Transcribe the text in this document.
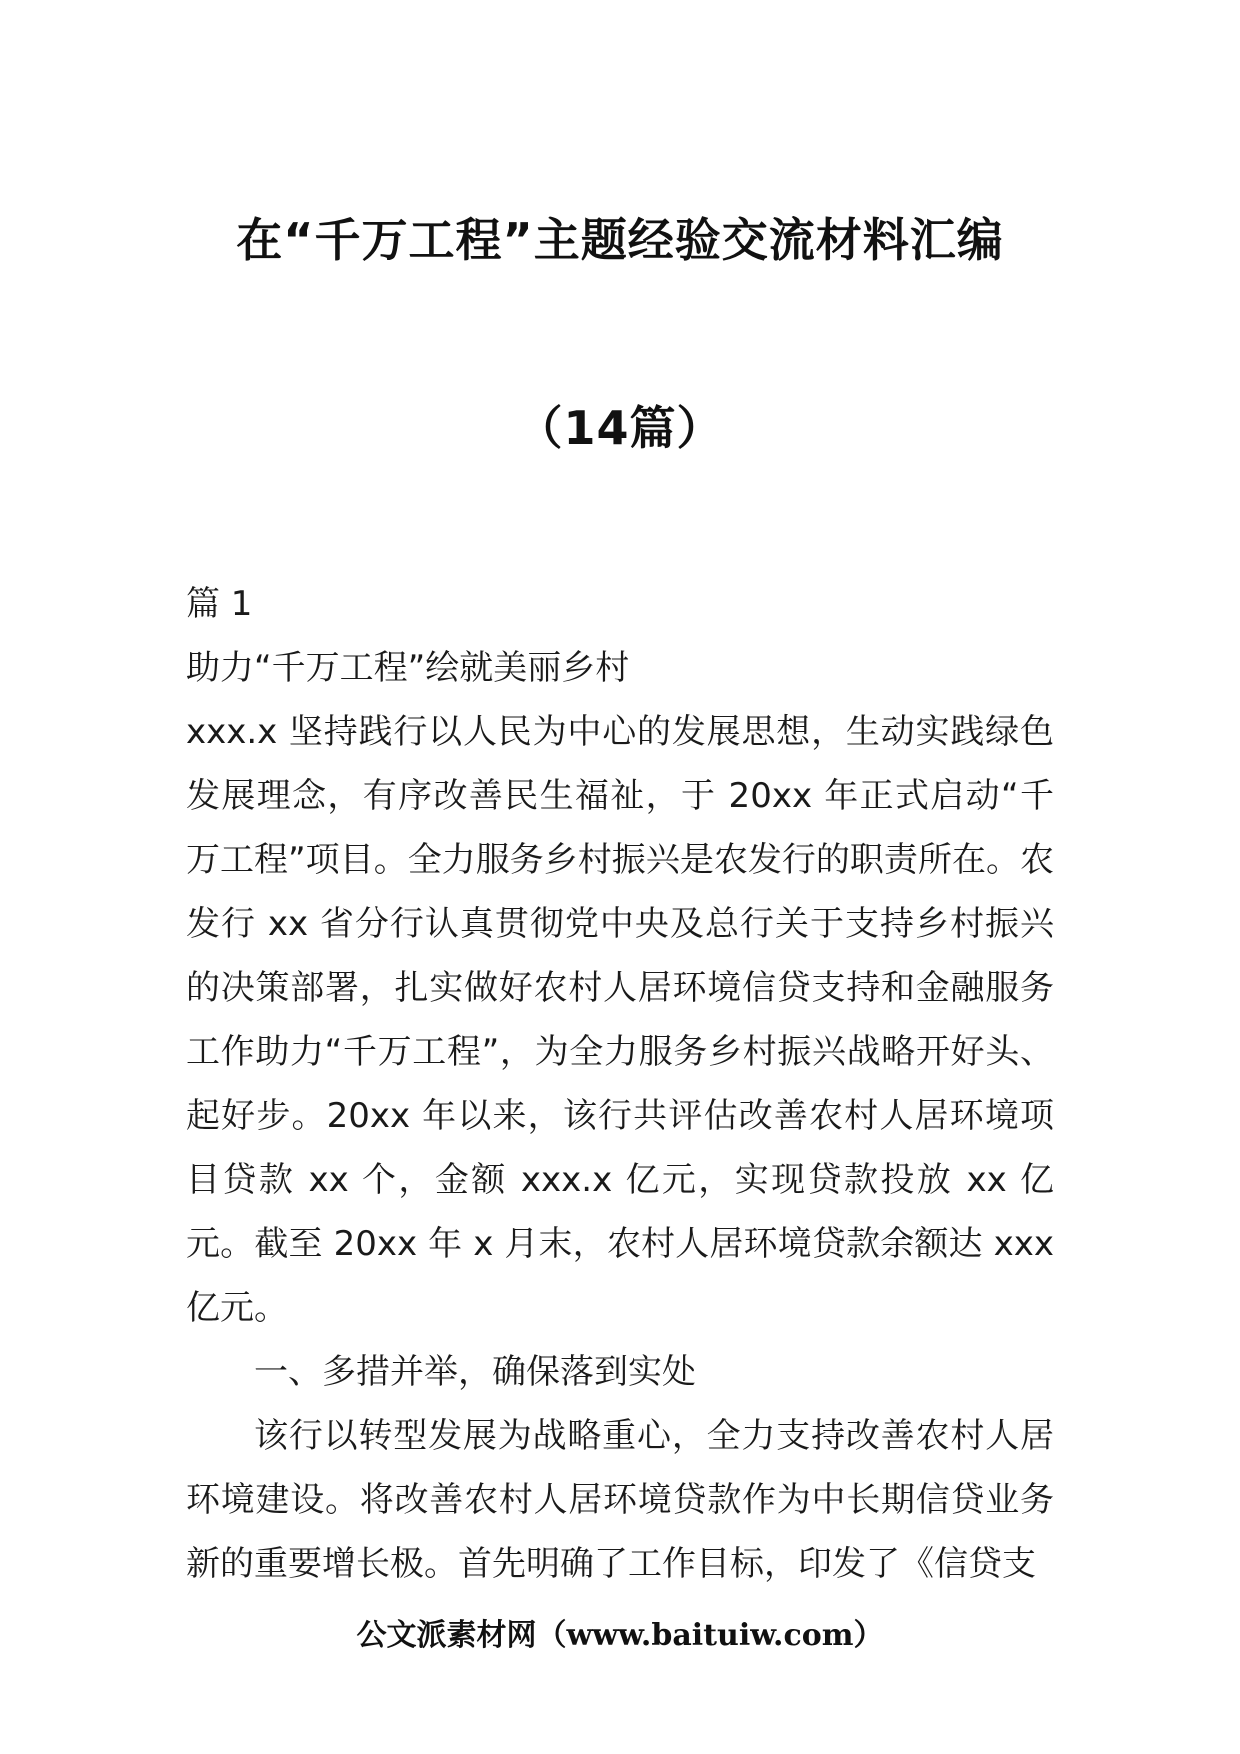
在“千万工程”主题经验交流材料汇编
（14篇）

篇 1

助力“千万工程”绘就美丽乡村

xxx.x 坚持践行以人民为中心的发展思想，生动实践绿色发展理念，有序改善民生福祉，于 20xx 年正式启动“千万工程”项目。全力服务乡村振兴是农发行的职责所在。农发行 xx 省分行认真贯彻党中央及总行关于支持乡村振兴的决策部署，扎实做好农村人居环境信贷支持和金融服务工作助力“千万工程”，为全力服务乡村振兴战略开好头、起好步。20xx 年以来，该行共评估改善农村人居环境项目贷款 xx 个，金额 xxx.x 亿元，实现贷款投放 xx 亿元。截至 20xx 年 x 月末，农村人居环境贷款余额达 xxx 亿元。

一、多措并举，确保落到实处

该行以转型发展为战略重心，全力支持改善农村人居环境建设。将改善农村人居环境贷款作为中长期信贷业务新的重要增长极。首先明确了工作目标，印发了《信贷支

公文派素材网（www.baituiw.com）
